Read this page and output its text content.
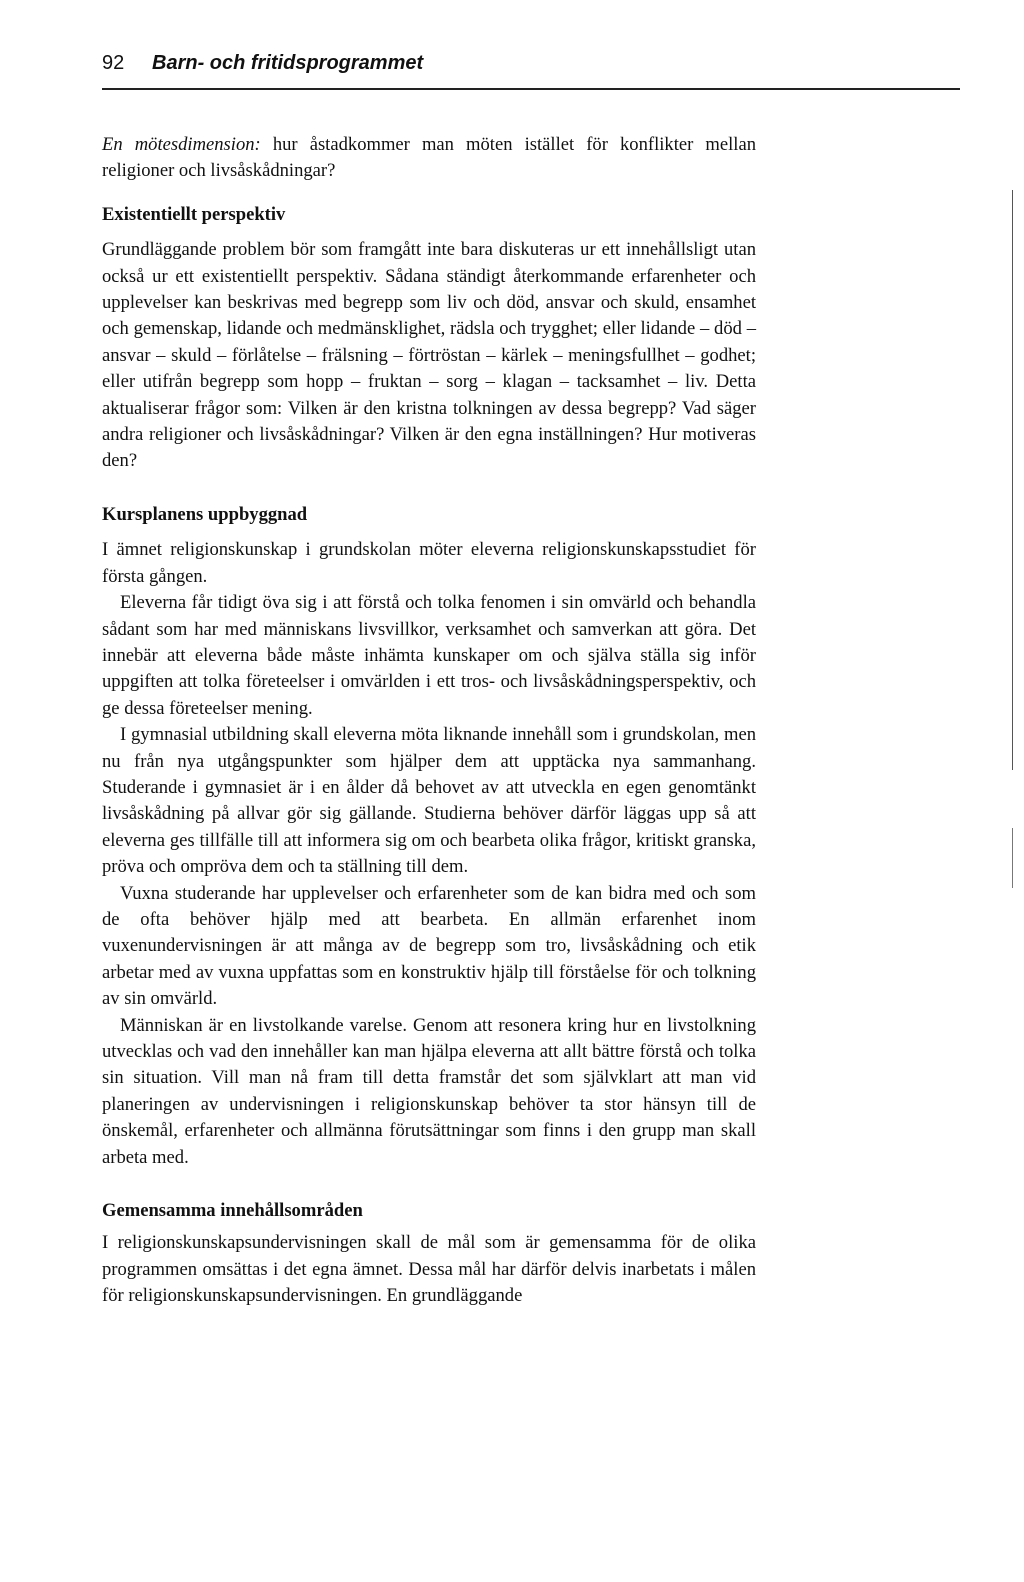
92 Barn- och fritidsprogrammet

En mötesdimension: hur åstadkommer man möten istället för konflikter mellan religioner och livsåskådningar?

Existentiellt perspektiv

Grundläggande problem bör som framgått inte bara diskuteras ur ett innehållsligt utan också ur ett existentiellt perspektiv. Sådana ständigt återkommande erfarenheter och upplevelser kan beskrivas med begrepp som liv och död, ansvar och skuld, ensamhet och gemenskap, lidande och medmänsklighet, rädsla och trygghet; eller lidande – död – ansvar – skuld – förlåtelse – frälsning – förtröstan – kärlek – meningsfullhet – godhet; eller utifrån begrepp som hopp – fruktan – sorg – klagan – tacksamhet – liv. Detta aktualiserar frågor som: Vilken är den kristna tolkningen av dessa begrepp? Vad säger andra religioner och livsåskådningar? Vilken är den egna inställningen? Hur motiveras den?

Kursplanens uppbyggnad

I ämnet religionskunskap i grundskolan möter eleverna religionskunskapsstudiet för första gången.

Eleverna får tidigt öva sig i att förstå och tolka fenomen i sin omvärld och behandla sådant som har med människans livsvillkor, verksamhet och samverkan att göra. Det innebär att eleverna både måste inhämta kunskaper om och själva ställa sig inför uppgiften att tolka företeelser i omvärlden i ett tros- och livsåskådningsperspektiv, och ge dessa företeelser mening.

I gymnasial utbildning skall eleverna möta liknande innehåll som i grundskolan, men nu från nya utgångspunkter som hjälper dem att upptäcka nya sammanhang. Studerande i gymnasiet är i en ålder då behovet av att utveckla en egen genomtänkt livsåskådning på allvar gör sig gällande. Studierna behöver därför läggas upp så att eleverna ges tillfälle till att informera sig om och bearbeta olika frågor, kritiskt granska, pröva och ompröva dem och ta ställning till dem.

Vuxna studerande har upplevelser och erfarenheter som de kan bidra med och som de ofta behöver hjälp med att bearbeta. En allmän erfarenhet inom vuxenundervisningen är att många av de begrepp som tro, livsåskådning och etik arbetar med av vuxna uppfattas som en konstruktiv hjälp till förståelse för och tolkning av sin omvärld.

Människan är en livstolkande varelse. Genom att resonera kring hur en livstolkning utvecklas och vad den innehåller kan man hjälpa eleverna att allt bättre förstå och tolka sin situation. Vill man nå fram till detta framstår det som självklart att man vid planeringen av undervisningen i religionskunskap behöver ta stor hänsyn till de önskemål, erfarenheter och allmänna förutsättningar som finns i den grupp man skall arbeta med.

Gemensamma innehållsområden

I religionskunskapsundervisningen skall de mål som är gemensamma för de olika programmen omsättas i det egna ämnet. Dessa mål har därför delvis inarbetats i målen för religionskunskapsundervisningen. En grundläggande
